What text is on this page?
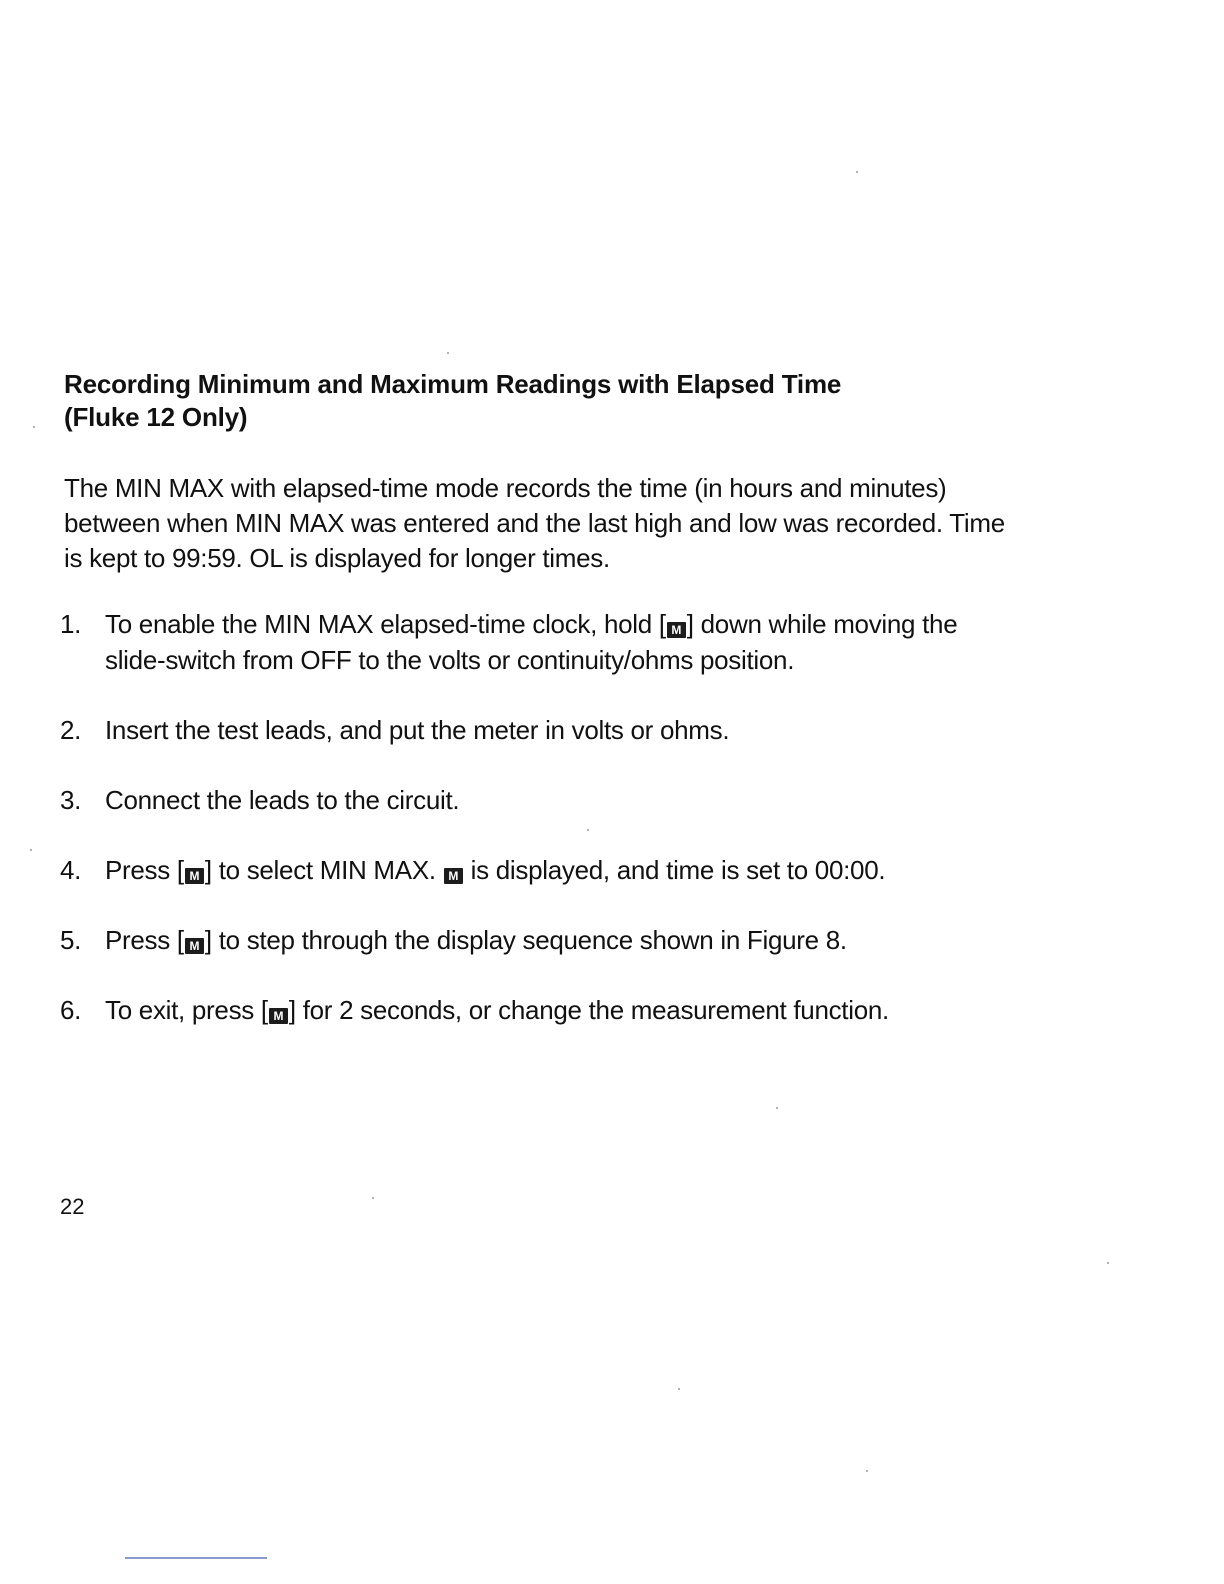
Recording Minimum and Maximum Readings with Elapsed Time
(Fluke 12 Only)
The MIN MAX with elapsed-time mode records the time (in hours and minutes)
between when MIN MAX was entered and the last high and low was recorded. Time
is kept to 99:59. OL is displayed for longer times.
1. To enable the MIN MAX elapsed-time clock, hold [ M ] down while moving the
slide-switch from OFF to the volts or continuity/ohms position.
2. Insert the test leads, and put the meter in volts or ohms.
3. Connect the leads to the circuit.
4. Press [ M ] to select MIN MAX. M is displayed, and time is set to 00:00.
5. Press [ M ] to step through the display sequence shown in Figure 8.
6. To exit, press [ M ] for 2 seconds, or change the measurement function.
22
